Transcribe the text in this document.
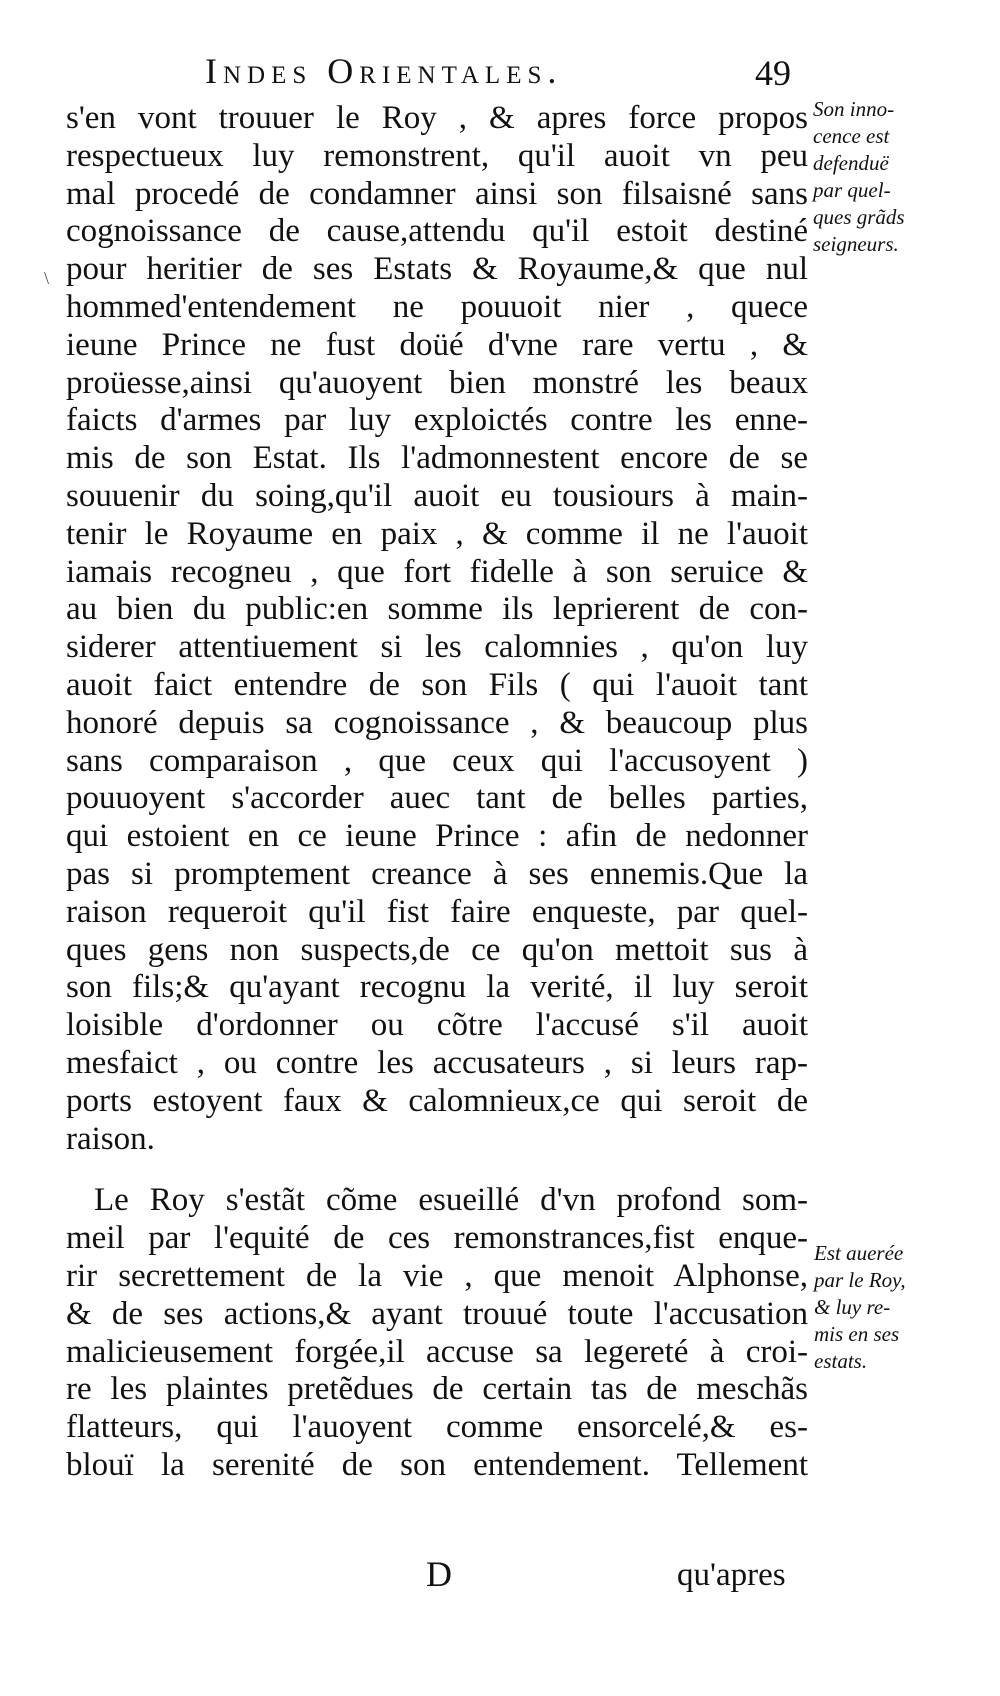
Indes Orientales.	49
s'en vont trouuer le Roy , & apres force propos
respectueux luy remonstrent, qu'il auoit vn peu
mal procedé de condamner ainsi son filsaisné sans
cognoissance de cause,attendu qu'il estoit destiné
pour heritier de ses Estats & Royaume,& que nul
hommed'entendement ne pouuoit nier , quece
ieune Prince ne fust doüé d'vne rare vertu , &
proüesse,ainsi qu'auoyent bien monstré les beaux
faicts d'armes par luy exploictés contre les enne-
mis de son Estat. Ils l'admonnestent encore de se
souuenir du soing,qu'il auoit eu tousiours à main-
tenir le Royaume en paix , & comme il ne l'auoit
iamais recogneu , que fort fidelle à son seruice &
au bien du public:en somme ils leprierent de con-
siderer attentiuement si les calomnies , qu'on luy
auoit faict entendre de son Fils ( qui l'auoit tant
honoré depuis sa cognoissance , & beaucoup plus
sans comparaison , que ceux qui l'accusoyent )
pouuoyent s'accorder auec tant de belles parties,
qui estoient en ce ieune Prince : afin de nedonner
pas si promptement creance à ses ennemis.Que la
raison requeroit qu'il fist faire enqueste, par quel-
ques gens non suspects,de ce qu'on mettoit sus à
son fils;& qu'ayant recognu la verité, il luy seroit
loisible d'ordonner ou cõtre l'accusé s'il auoit
mesfaict , ou contre les accusateurs , si leurs rap-
ports estoyent faux & calomnieux,ce qui seroit de
raison.
Le Roy s'estãt cõme esueillé d'vn profond som-
meil par l'equité de ces remonstrances,fist enque-
rir secrettement de la vie , que menoit Alphonse,
& de ses actions,& ayant trouué toute l'accusation
malicieusement forgée,il accuse sa legereté à croi-
re les plaintes pretẽdues de certain tas de meschãs
flatteurs, qui l'auoyent comme ensorcelé,& es-
blouï la serenité de son entendement. Tellement
Son inno-
cence est
defenduë
par quel-
ques grãds
seigneurs.
Est auerée
par le Roy,
& luy re-
mis en ses
estats.
\
D	qu'apres
